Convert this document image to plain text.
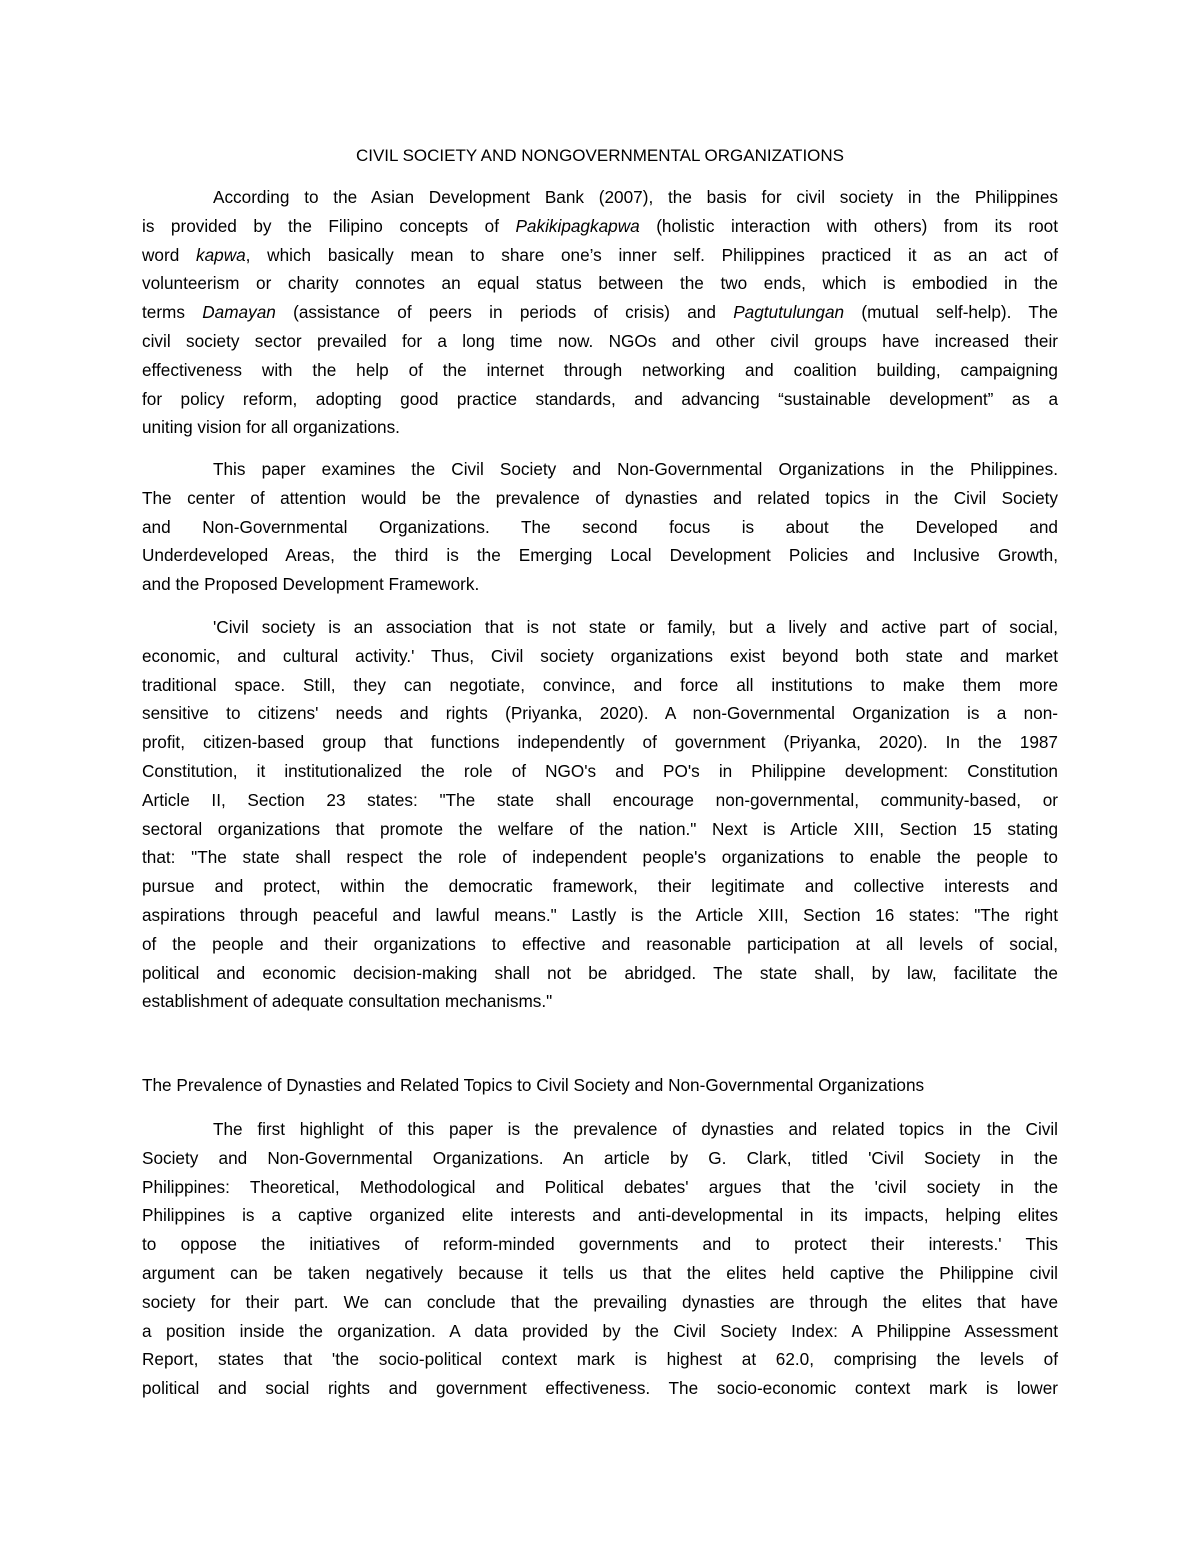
CIVIL SOCIETY AND NONGOVERNMENTAL ORGANIZATIONS
According to the Asian Development Bank (2007), the basis for civil society in the Philippines
is provided by the Filipino concepts of Pakikipagkapwa (holistic interaction with others) from its root
word kapwa, which basically mean to share one’s inner self. Philippines practiced it as an act of
volunteerism or charity connotes an equal status between the two ends, which is embodied in the
terms Damayan (assistance of peers in periods of crisis) and Pagtutulungan (mutual self-help). The
civil society sector prevailed for a long time now. NGOs and other civil groups have increased their
effectiveness with the help of the internet through networking and coalition building, campaigning
for policy reform, adopting good practice standards, and advancing “sustainable development” as a
uniting vision for all organizations.
This paper examines the Civil Society and Non-Governmental Organizations in the Philippines.
The center of attention would be the prevalence of dynasties and related topics in the Civil Society
and Non-Governmental Organizations. The second focus is about the Developed and
Underdeveloped Areas, the third is the Emerging Local Development Policies and Inclusive Growth,
and the Proposed Development Framework.
'Civil society is an association that is not state or family, but a lively and active part of social,
economic, and cultural activity.' Thus, Civil society organizations exist beyond both state and market
traditional space. Still, they can negotiate, convince, and force all institutions to make them more
sensitive to citizens' needs and rights (Priyanka, 2020). A non-Governmental Organization is a non-
profit, citizen-based group that functions independently of government (Priyanka, 2020). In the 1987
Constitution, it institutionalized the role of NGO's and PO's in Philippine development: Constitution
Article II, Section 23 states: "The state shall encourage non-governmental, community-based, or
sectoral organizations that promote the welfare of the nation." Next is Article XIII, Section 15 stating
that: "The state shall respect the role of independent people's organizations to enable the people to
pursue and protect, within the democratic framework, their legitimate and collective interests and
aspirations through peaceful and lawful means." Lastly is the Article XIII, Section 16 states: "The right
of the people and their organizations to effective and reasonable participation at all levels of social,
political and economic decision-making shall not be abridged. The state shall, by law, facilitate the
establishment of adequate consultation mechanisms."
The Prevalence of Dynasties and Related Topics to Civil Society and Non-Governmental Organizations
The first highlight of this paper is the prevalence of dynasties and related topics in the Civil
Society and Non-Governmental Organizations. An article by G. Clark, titled 'Civil Society in the
Philippines: Theoretical, Methodological and Political debates' argues that the 'civil society in the
Philippines is a captive organized elite interests and anti-developmental in its impacts, helping elites
to oppose the initiatives of reform-minded governments and to protect their interests.' This
argument can be taken negatively because it tells us that the elites held captive the Philippine civil
society for their part. We can conclude that the prevailing dynasties are through the elites that have
a position inside the organization. A data provided by the Civil Society Index: A Philippine Assessment
Report, states that 'the socio-political context mark is highest at 62.0, comprising the levels of
political and social rights and government effectiveness. The socio-economic context mark is lower
